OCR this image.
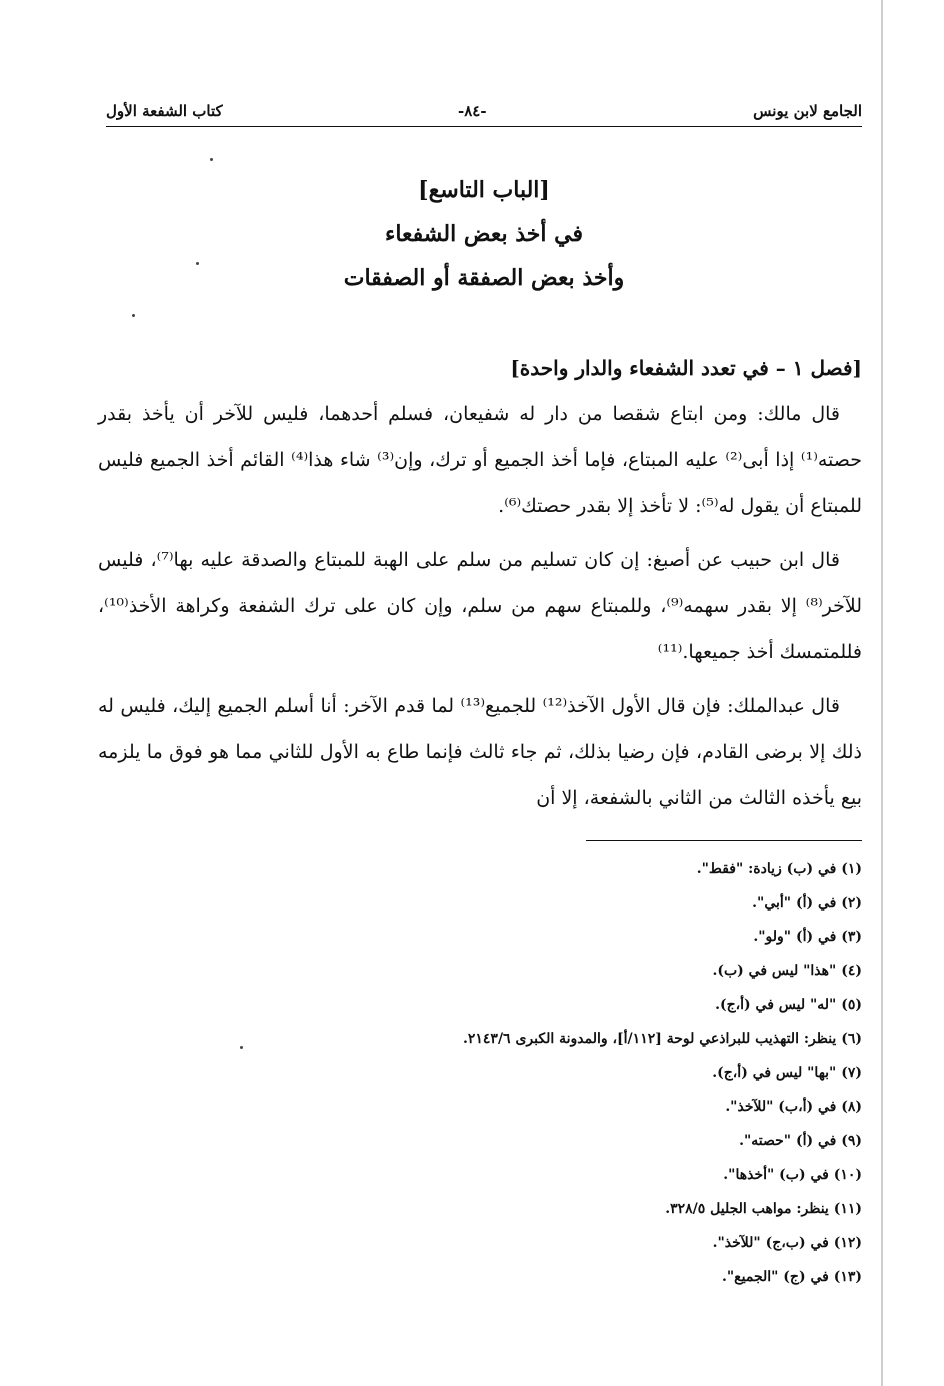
الجامع لابن يونس
-٨٤-
كتاب الشفعة الأول
[الباب التاسع]
في أخذ بعض الشفعاء
وأخذ بعض الصفقة أو الصفقات

[فصل ١ – في تعدد الشفعاء والدار واحدة]

قال مالك: ومن ابتاع شقصا من دار له شفيعان، فسلم أحدهما، فليس للآخر أن يأخذ بقدر حصته⁽¹⁾ إذا أبى⁽²⁾ عليه المبتاع، فإما أخذ الجميع أو ترك، وإن⁽³⁾ شاء هذا⁽⁴⁾ القائم أخذ الجميع فليس للمبتاع أن يقول له⁽⁵⁾: لا تأخذ إلا بقدر حصتك⁽⁶⁾.

قال ابن حبيب عن أصبغ: إن كان تسليم من سلم على الهبة للمبتاع والصدقة عليه بها⁽⁷⁾، فليس للآخر⁽⁸⁾ إلا بقدر سهمه⁽⁹⁾، وللمبتاع سهم من سلم، وإن كان على ترك الشفعة وكراهة الأخذ⁽¹⁰⁾، فللمتمسك أخذ جميعها.⁽¹¹⁾

قال عبدالملك: فإن قال الأول الآخذ⁽¹²⁾ للجميع⁽¹³⁾ لما قدم الآخر: أنا أسلم الجميع إليك، فليس له ذلك إلا برضى القادم، فإن رضيا بذلك، ثم جاء ثالث فإنما طاع به الأول للثاني مما هو فوق ما يلزمه بيع يأخذه الثالث من الثاني بالشفعة، إلا أن

(١) في (ب) زيادة: "فقط".
(٢) في (أ) "أبي".
(٣) في (أ) "ولو".
(٤) "هذا" ليس في (ب).
(٥) "له" ليس في (أ،ج).
(٦) ينظر: التهذيب للبراذعي لوحة [١١٢/أ]، والمدونة الكبرى ٢١٤٣/٦.
(٧) "بها" ليس في (أ،ج).
(٨) في (أ،ب) "للآخذ".
(٩) في (أ) "حصته".
(١٠) في (ب) "أخذها".
(١١) ينظر: مواهب الجليل ٣٢٨/٥.
(١٢) في (ب،ج) "للآخذ".
(١٣) في (ج) "الجميع".
